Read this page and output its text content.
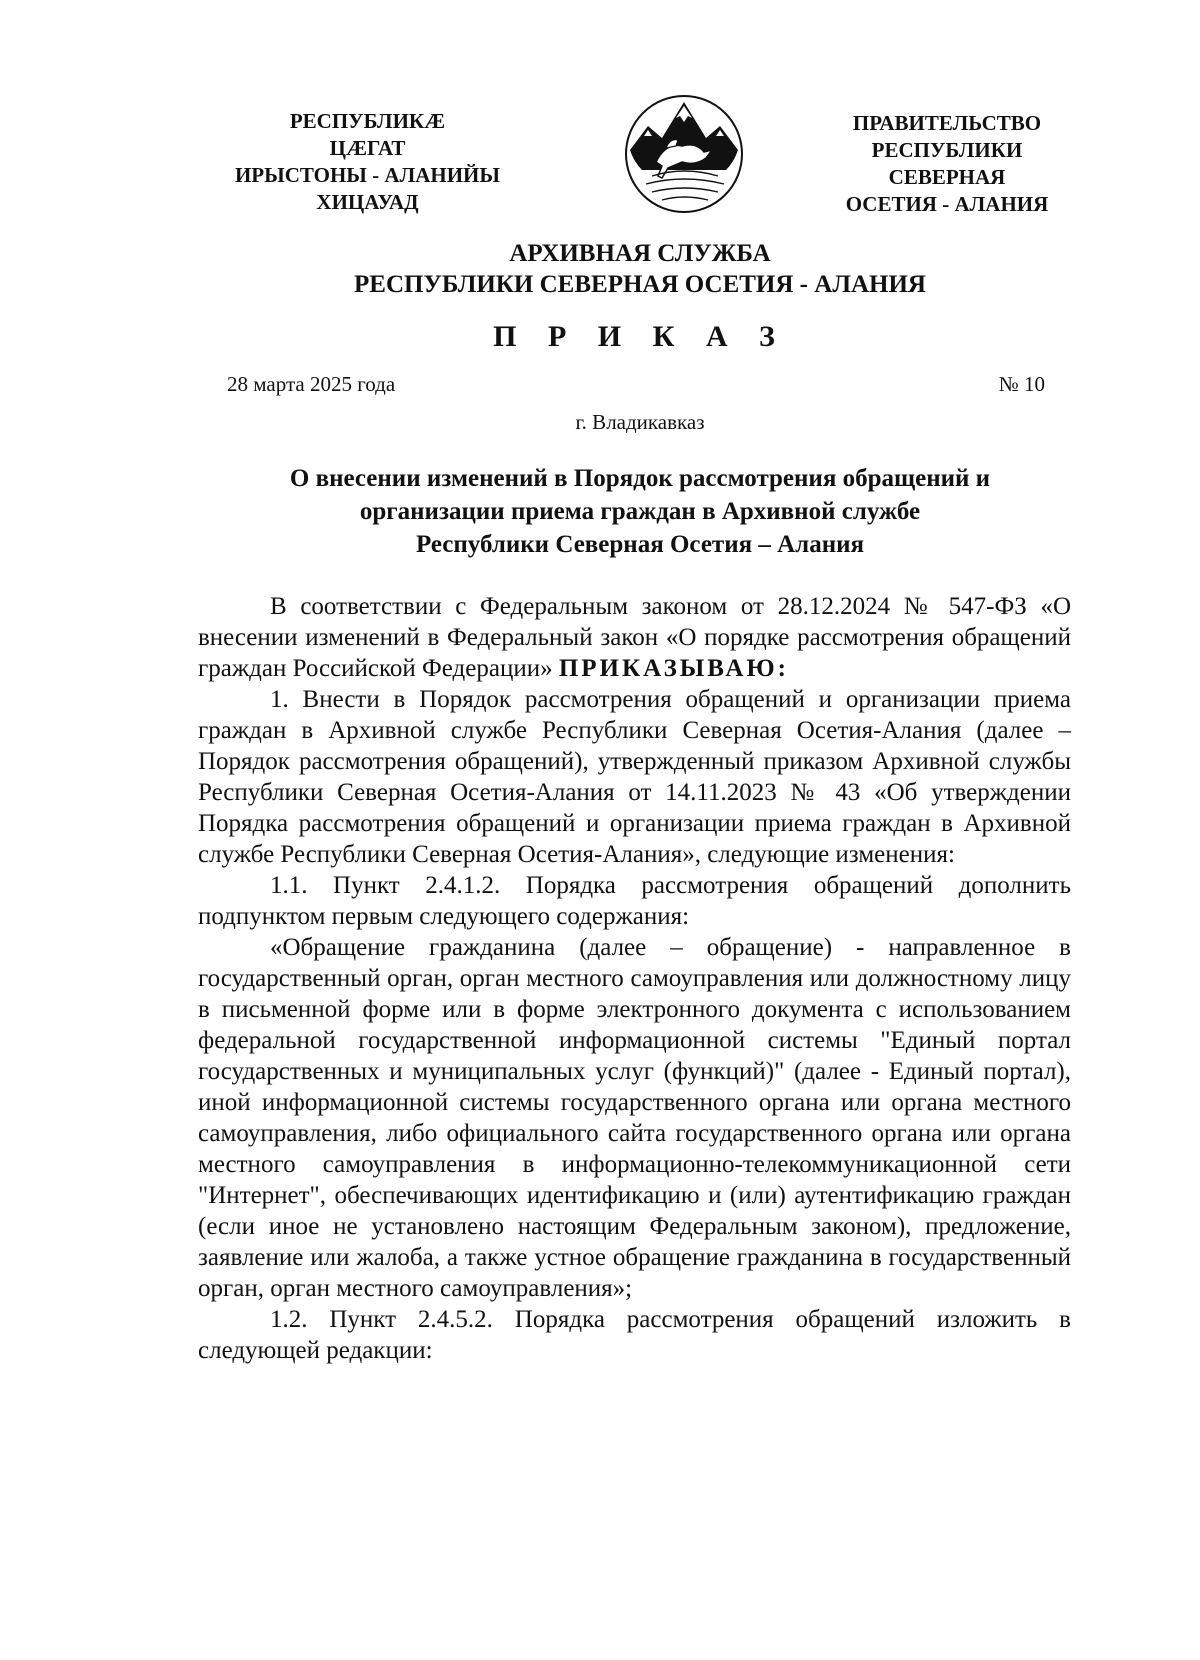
РЕСПУБЛИКÆ
ЦÆГАТ
ИРЫСТОНЫ - АЛАНИЙЫ
ХИЦАУАД
ПРАВИТЕЛЬСТВО
РЕСПУБЛИКИ
СЕВЕРНАЯ
ОСЕТИЯ - АЛАНИЯ
АРХИВНАЯ СЛУЖБА
РЕСПУБЛИКИ СЕВЕРНАЯ ОСЕТИЯ - АЛАНИЯ
П Р И К А З
28 марта 2025 года	№ 10
г. Владикавказ
О внесении изменений в Порядок рассмотрения обращений и
организации приема граждан в Архивной службе
Республики Северная Осетия – Алания

В соответствии с Федеральным законом от 28.12.2024 № 547-ФЗ «О внесении изменений в Федеральный закон «О порядке рассмотрения обращений граждан Российской Федерации» ПРИКАЗЫВАЮ:

1. Внести в Порядок рассмотрения обращений и организации приема граждан в Архивной службе Республики Северная Осетия-Алания (далее – Порядок рассмотрения обращений), утвержденный приказом Архивной службы Республики Северная Осетия-Алания от 14.11.2023 № 43 «Об утверждении Порядка рассмотрения обращений и организации приема граждан в Архивной службе Республики Северная Осетия-Алания», следующие изменения:

1.1. Пункт 2.4.1.2. Порядка рассмотрения обращений дополнить подпунктом первым следующего содержания:

«Обращение гражданина (далее – обращение) - направленное в государственный орган, орган местного самоуправления или должностному лицу в письменной форме или в форме электронного документа с использованием федеральной государственной информационной системы "Единый портал государственных и муниципальных услуг (функций)" (далее - Единый портал), иной информационной системы государственного органа или органа местного самоуправления, либо официального сайта государственного органа или органа местного самоуправления в информационно-телекоммуникационной сети "Интернет", обеспечивающих идентификацию и (или) аутентификацию граждан (если иное не установлено настоящим Федеральным законом), предложение, заявление или жалоба, а также устное обращение гражданина в государственный орган, орган местного самоуправления»;

1.2. Пункт 2.4.5.2. Порядка рассмотрения обращений изложить в следующей редакции:
